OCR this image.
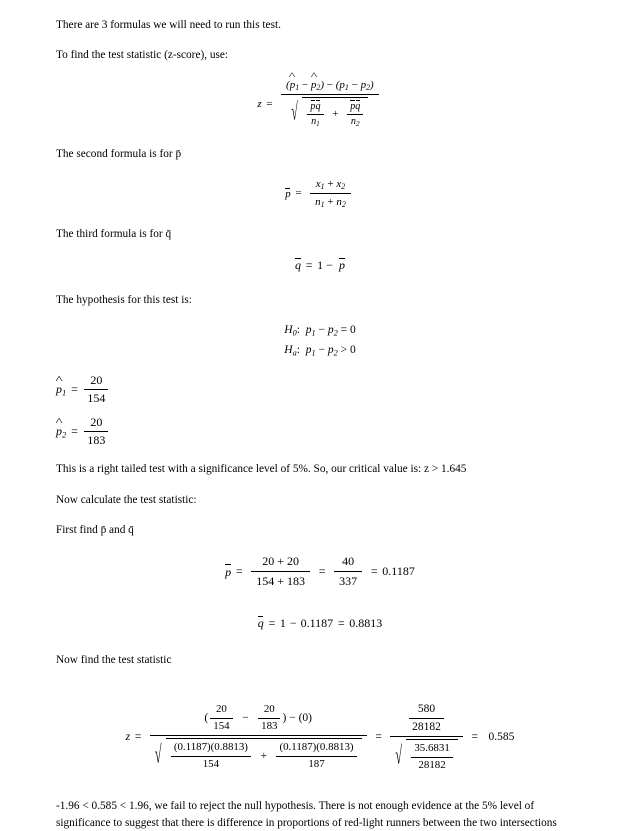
There are 3 formulas we will need to run this test.

To find the test statistic (z-score), use:

z =
(^ $p_1$ − ^ $p_2) - (p_1 - p_2)$
√ $\frac{pq}{n_1} + \frac{pq}{n_2}$

The second formula is for p̄

$p = \frac{x_1 + x_2}{n_1 + n_2}$

The third formula is for q̄

q = 1 − p

The hypothesis for this test is:

$H_0$:  $p_1 - p_2 = 0$
$H_a$:  $p_1 - p_2 > 0$
^ $p_1 = \frac{20}{154}$
^ $p_2 = \frac{20}{183}$

This is a right tailed test with a significance level of 5%. So, our critical value is: z > 1.645

Now calculate the test statistic:

First find p̄ and q̄

$p = \frac{20 + 20}{154 + 183} = \frac{40}{337} = 0.1187$
q = 1 − 0.1187 = 0.8813

Now find the test statistic

z =
( $\frac{20}{154} - \frac{20}{183}$ ) − (0)
√ $\frac{(0.1187)(0.8813)}{154} + \frac{(0.1187)(0.8813)}{187}$
=
$\frac{580}{28182}$
√ $\frac{35.6831}{28182}$
= 0.585

-1.96 < 0.585 < 1.96, we fail to reject the null hypothesis. There is not enough evidence at the 5% level of significance to suggest that there is difference in proportions of red-light runners between the two intersections
